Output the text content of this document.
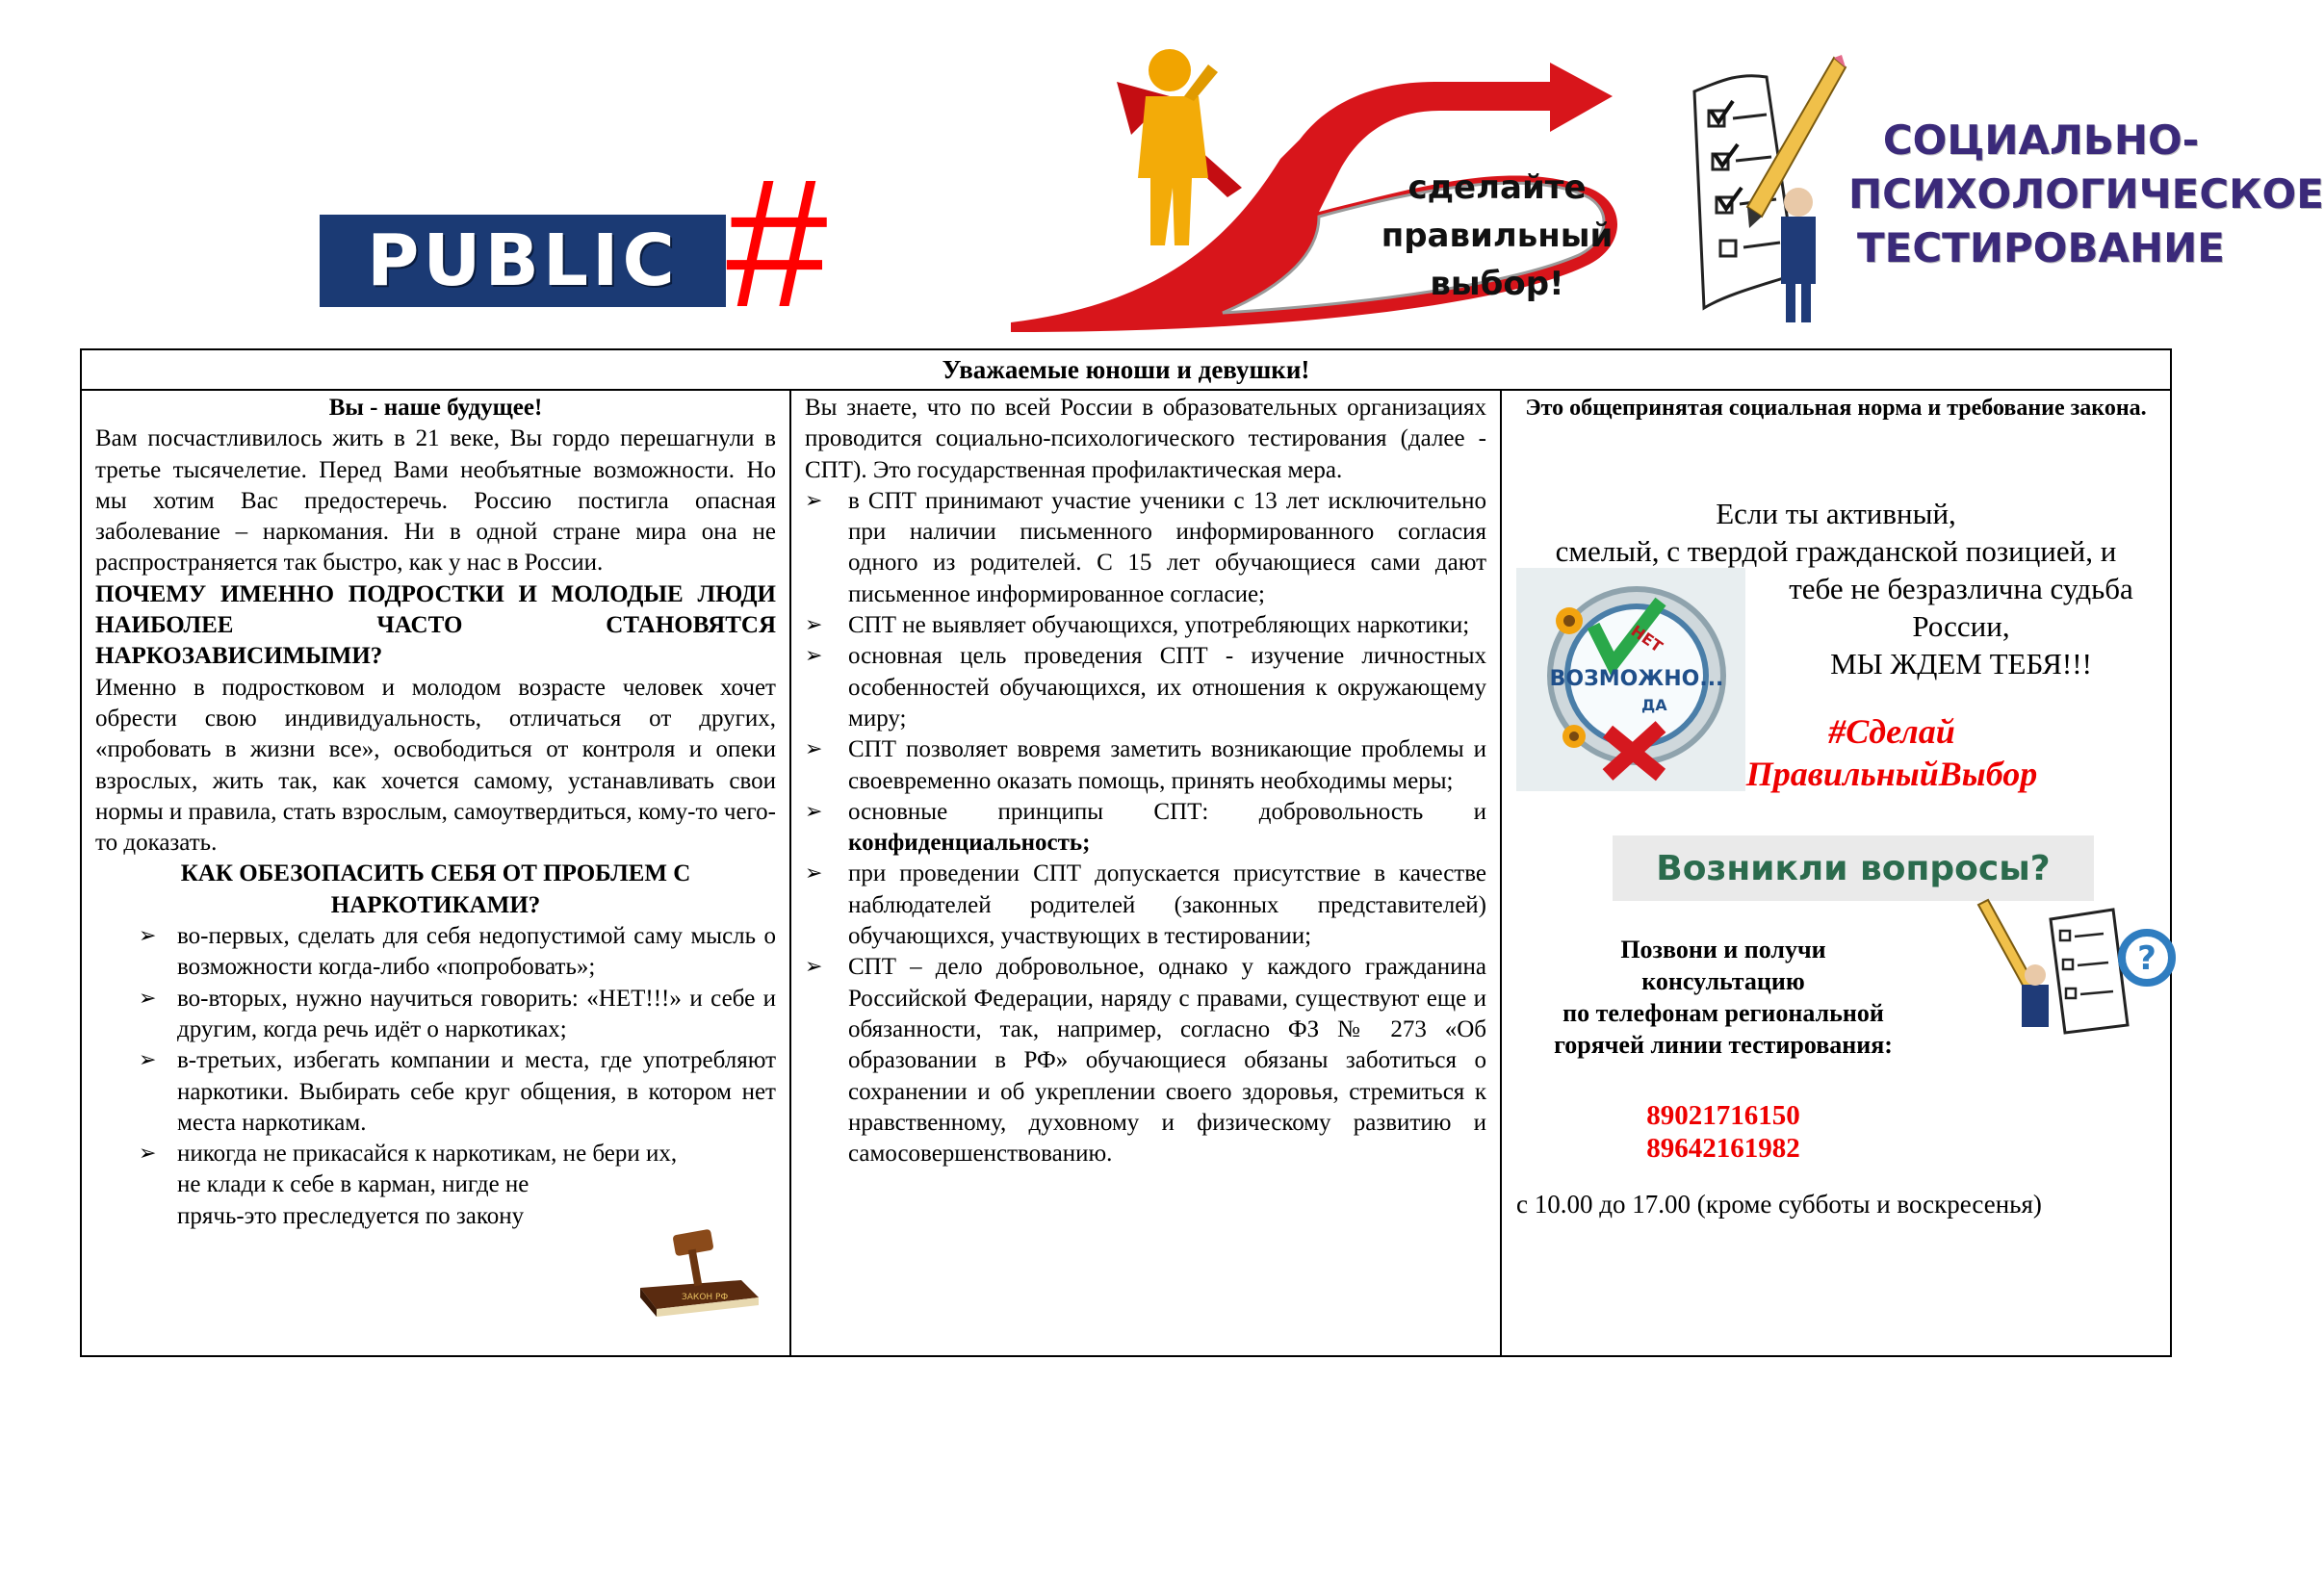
PUBLIC #	сделайте
правильный
выбор!
СОЦИАЛЬНО-
ПСИХОЛОГИЧЕСКОЕ
ТЕСТИРОВАНИЕ
Уважаемые юноши и девушки!

Вы - наше будущее!

Вам посчастливилось жить в 21 веке, Вы гордо перешагнули в третье тысячелетие. Перед Вами необъятные возможности. Но мы хотим Вас предостеречь. Россию постигла опасная заболевание – наркомания. Ни в одной стране мира она не распространяется так быстро, как у нас в России.

ПОЧЕМУ ИМЕННО ПОДРОСТКИ И МОЛОДЫЕ ЛЮДИ НАИБОЛЕЕ ЧАСТО СТАНОВЯТСЯ НАРКОЗАВИСИМЫМИ?

Именно в подростковом и молодом возрасте человек хочет обрести свою индивидуальность, отличаться от других, «пробовать в жизни все», освободиться от контроля и опеки взрослых, жить так, как хочется самому, устанавливать свои нормы и правила, стать взрослым, самоутвердиться, кому-то чего-то доказать.

КАК ОБЕЗОПАСИТЬ СЕБЯ ОТ ПРОБЛЕМ С НАРКОТИКАМИ?

➢ во-первых, сделать для себя недопустимой саму мысль о возможности когда-либо «попробовать»;
➢ во-вторых, нужно научиться говорить: «НЕТ!!!» и себе и другим, когда речь идёт о наркотиках;
➢ в-третьих, избегать компании и места, где употребляют наркотики. Выбирать себе круг общения, в котором нет места наркотикам.
➢ никогда не прикасайся к наркотикам, не бери их,
не клади к себе в карман, нигде не
прячь-это преследуется по закону

Вы знаете, что по всей России в образовательных организациях проводится социально-психологического тестирования (далее - СПТ). Это государственная профилактическая мера.

➢ в СПТ принимают участие ученики с 13 лет исключительно при наличии письменного информированного согласия одного из родителей. С 15 лет обучающиеся сами дают письменное информированное согласие;
➢ СПТ не выявляет обучающихся, употребляющих наркотики;
➢ основная цель проведения СПТ - изучение личностных особенностей обучающихся, их отношения к окружающему миру;
➢ СПТ позволяет вовремя заметить возникающие проблемы и своевременно оказать помощь, принять необходимы меры;
➢ основные принципы СПТ: добровольность и конфиденциальность;
➢ при проведении СПТ допускается присутствие в качестве наблюдателей родителей (законных представителей) обучающихся, участвующих в тестировании;
➢ СПТ – дело добровольное, однако у каждого гражданина Российской Федерации, наряду с правами, существуют еще и обязанности, так, например, согласно ФЗ № 273 «Об образовании в РФ» обучающиеся обязаны заботиться о сохранении и об укреплении своего здоровья, стремиться к нравственному, духовному и физическому развитию и самосовершенствованию.

Это общепринятая социальная норма и требование закона.

Если ты активный,

смелый, с твердой гражданской позицией, и

тебе не безразлична судьба

России,

МЫ ЖДЕМ ТЕБЯ!!!

#Сделай
ПравильныйВыбор
НЕТ
ВОЗМОЖНО...
ДА
Возникли вопросы?
Позвони и получи
консультацию
по телефонам региональной
горячей линии тестирования:
89021716150
89642161982
с 10.00 до 17.00 (кроме субботы и воскресенья)
?
ЗАКОН РФ
